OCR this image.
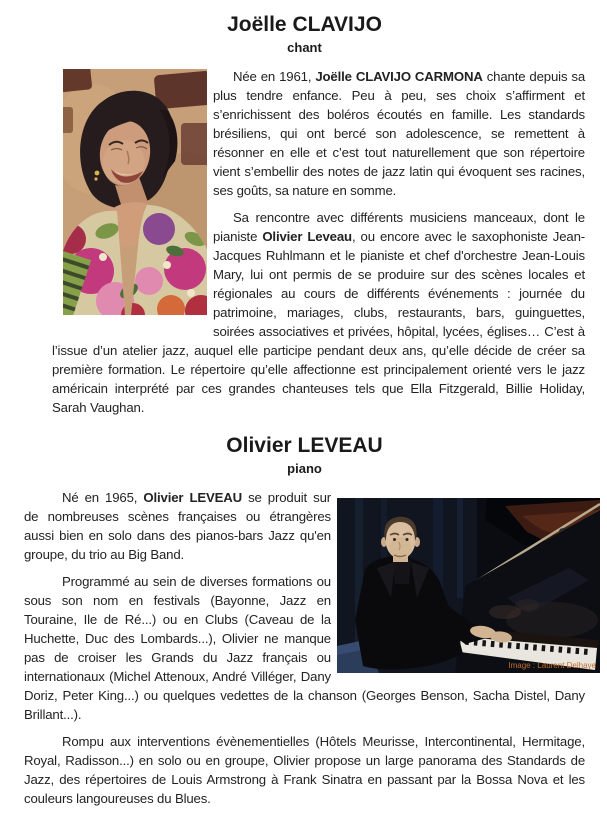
Joëlle CLAVIJO
chant

Née en 1961, Joëlle CLAVIJO CARMONA chante depuis sa plus tendre enfance. Peu à peu, ses choix s’affirment et s’enrichissent des boléros écoutés en famille. Les standards brésiliens, qui ont bercé son adolescence, se remettent à résonner en elle et c’est tout naturellement que son répertoire vient s’embellir des notes de jazz latin qui évoquent ses racines, ses goûts, sa nature en somme.

Sa rencontre avec différents musiciens manceaux, dont le pianiste Olivier Leveau, ou encore avec le saxophoniste Jean-Jacques Ruhlmann et le pianiste et chef d'orchestre Jean-Louis Mary, lui ont permis de se produire sur des scènes locales et régionales au cours de différents événements : journée du patrimoine, mariages, clubs, restaurants, bars, guinguettes, soirées associatives et privées, hôpital, lycées, églises… C’est à l’issue d’un atelier jazz, auquel elle participe pendant deux ans, qu’elle décide de créer sa première formation. Le répertoire qu’elle affectionne est principalement orienté vers le jazz américain interprété par ces grandes chanteuses tels que Ella Fitzgerald, Billie Holiday, Sarah Vaughan.

Olivier LEVEAU
piano
Image : Laurent Delhaye

Né en 1965, Olivier LEVEAU se produit sur de nombreuses scènes françaises ou étrangères aussi bien en solo dans des pianos-bars Jazz qu'en groupe, du trio au Big Band.

Programmé au sein de diverses formations ou sous son nom en festivals (Bayonne, Jazz en Touraine, Ile de Ré...) ou en Clubs (Caveau de la Huchette, Duc des Lombards...), Olivier ne manque pas de croiser les Grands du Jazz français ou internationaux (Michel Attenoux, André Villéger, Dany Doriz, Peter King...) ou quelques vedettes de la chanson (Georges Benson, Sacha Distel, Dany Brillant...).

Rompu aux interventions évènementielles (Hôtels Meurisse, Intercontinental, Hermitage, Royal, Radisson...) en solo ou en groupe, Olivier propose un large panorama des Standards de Jazz, des répertoires de Louis Armstrong à Frank Sinatra en passant par la Bossa Nova et les couleurs langoureuses du Blues.
